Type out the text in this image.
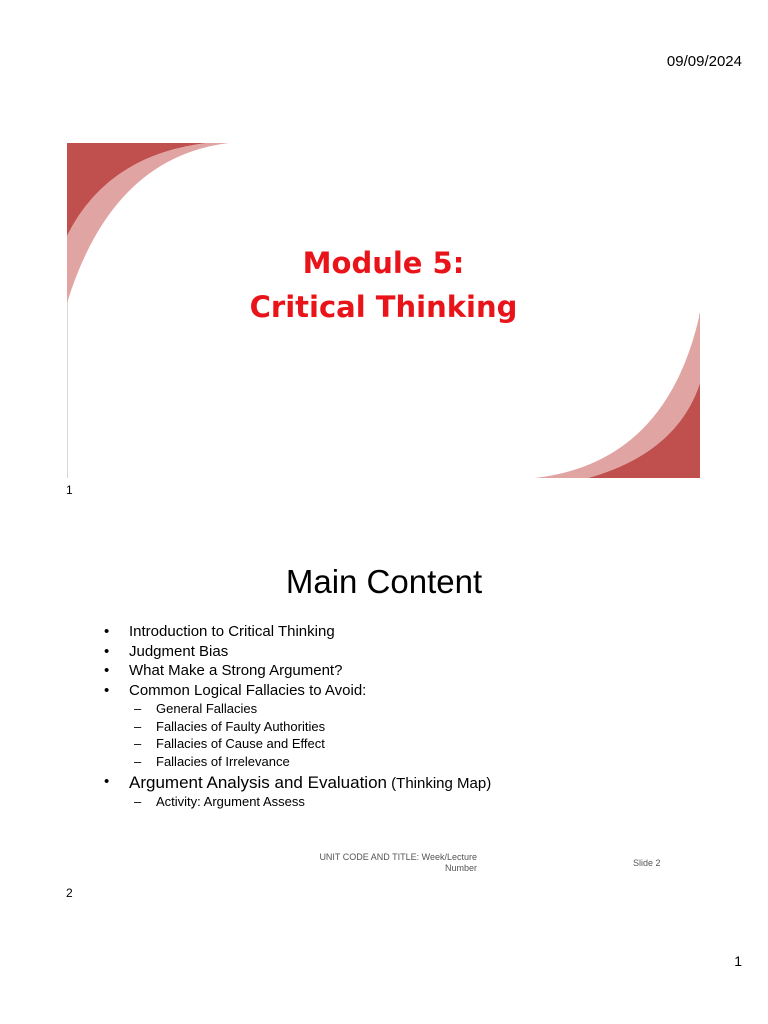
09/09/2024
Module 5:
Critical Thinking
1
Main Content
• Introduction to Critical Thinking
• Judgment Bias
• What Make a Strong Argument?
• Common Logical Fallacies to Avoid:
– General Fallacies
– Fallacies of Faulty Authorities
– Fallacies of Cause and Effect
– Fallacies of Irrelevance
• Argument Analysis and Evaluation (Thinking Map)
– Activity: Argument Assess
UNIT CODE AND TITLE: Week/Lecture Number	Slide 2
2
1
